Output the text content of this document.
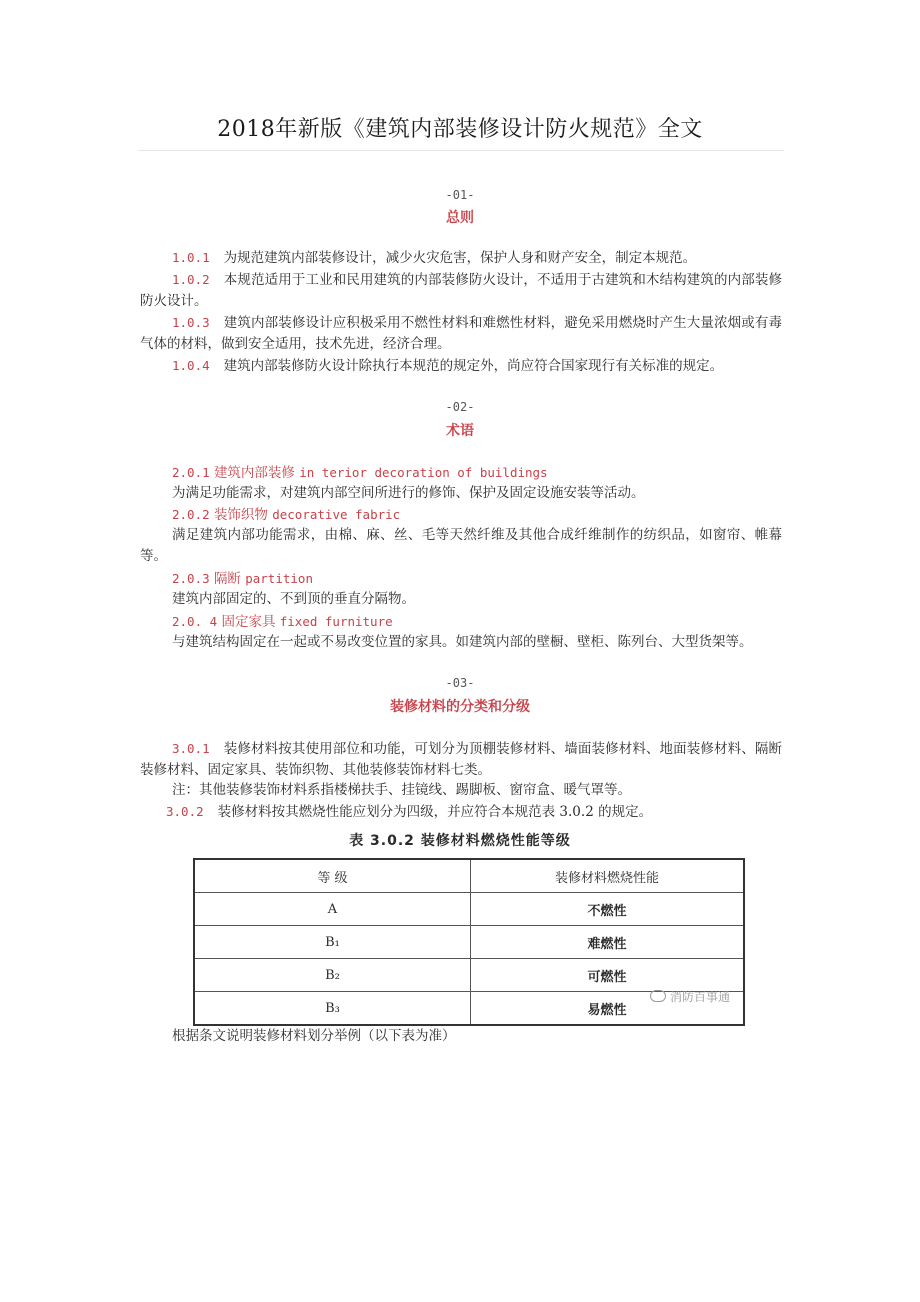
2018年新版《建筑内部装修设计防火规范》全文
-01-
总则
1.0.1 为规范建筑内部装修设计，减少火灾危害，保护人身和财产安全，制定本规范。
1.0.2 本规范适用于工业和民用建筑的内部装修防火设计，不适用于古建筑和木结构建筑的内部装修防火设计。
1.0.3 建筑内部装修设计应积极采用不燃性材料和难燃性材料，避免采用燃烧时产生大量浓烟或有毒气体的材料，做到安全适用，技术先进，经济合理。
1.0.4 建筑内部装修防火设计除执行本规范的规定外，尚应符合国家现行有关标准的规定。
-02-
术语
2.0.1 建筑内部装修 in terior decoration of buildings
为满足功能需求，对建筑内部空间所进行的修饰、保护及固定设施安装等活动。
2.0.2 装饰织物 decorative fabric
满足建筑内部功能需求，由棉、麻、丝、毛等天然纤维及其他合成纤维制作的纺织品，如窗帘、帷幕等。
2.0.3 隔断 partition
建筑内部固定的、不到顶的垂直分隔物。
2.0. 4 固定家具 fixed furniture
与建筑结构固定在一起或不易改变位置的家具。如建筑内部的壁橱、壁柜、陈列台、大型货架等。
-03-
装修材料的分类和分级
3.0.1 装修材料按其使用部位和功能，可划分为顶棚装修材料、墙面装修材料、地面装修材料、隔断装修材料、固定家具、装饰织物、其他装修装饰材料七类。
注：其他装修装饰材料系指楼梯扶手、挂镜线、踢脚板、窗帘盒、暖气罩等。
3.0.2 装修材料按其燃烧性能应划分为四级，并应符合本规范表 3.0.2 的规定。
表 3.0.2 装修材料燃烧性能等级
等 级	装修材料燃烧性能
A	不燃性
B₁	难燃性
B₂	可燃性
B₃	易燃性
消防百事通
根据条文说明装修材料划分举例（以下表为准）
